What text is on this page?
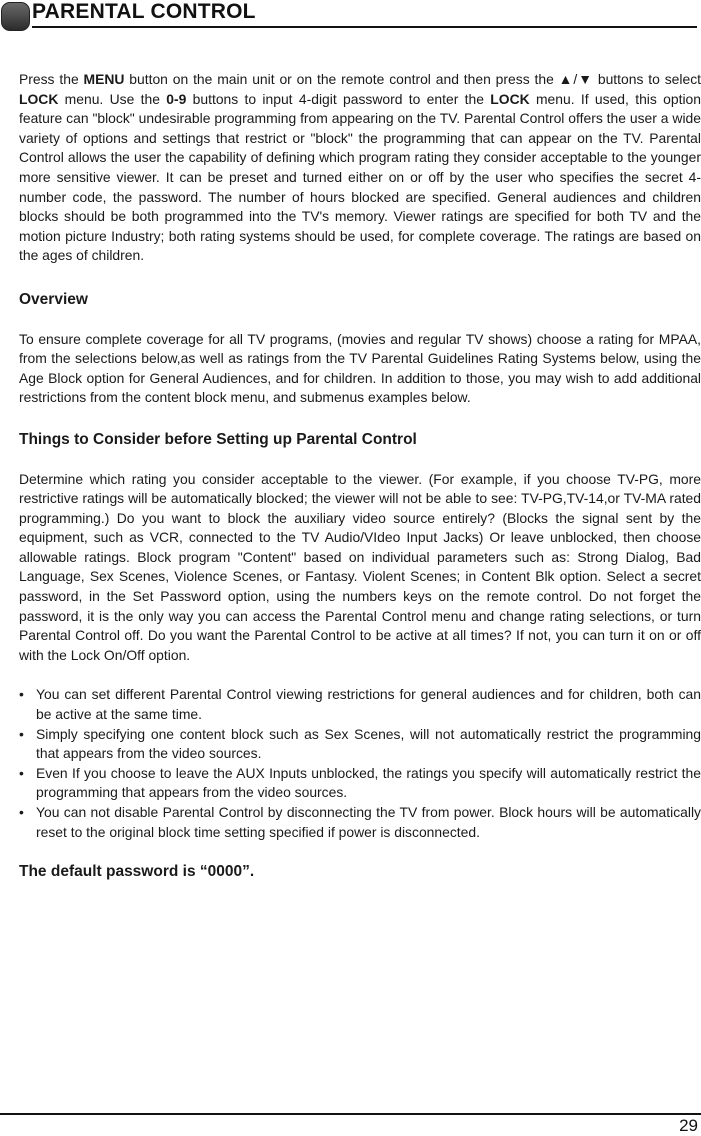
PARENTAL CONTROL

Press the MENU button on the main unit or on the remote control and then press the ▲/▼ buttons to select LOCK menu. Use the 0-9 buttons to input 4-digit password to enter the LOCK menu. If used, this option feature can "block" undesirable programming from appearing on the TV. Parental Control offers the user a wide variety of options and settings that restrict or "block" the programming that can appear on the TV. Parental Control allows the user the capability of defining which program rating they consider acceptable to the younger more sensitive viewer. It can be preset and turned either on or off by the user who specifies the secret 4-number code, the password. The number of hours blocked are specified. General audiences and children blocks should be both programmed into the TV's memory. Viewer ratings are specified for both TV and the motion picture Industry; both rating systems should be used, for complete coverage. The ratings are based on the ages of children.

Overview

To ensure complete coverage for all TV programs, (movies and regular TV shows) choose a rating for MPAA, from the selections below,as well as ratings from the TV Parental Guidelines Rating Systems below, using the Age Block option for General Audiences, and for children. In addition to those, you may wish to add additional restrictions from the content block menu, and submenus examples below.

Things to Consider before Setting up Parental Control

Determine which rating you consider acceptable to the viewer. (For example, if you choose TV-PG, more restrictive ratings will be automatically blocked; the viewer will not be able to see: TV-PG,TV-14,or TV-MA rated programming.) Do you want to block the auxiliary video source entirely? (Blocks the signal sent by the equipment, such as VCR, connected to the TV Audio/VIdeo Input Jacks) Or leave unblocked, then choose allowable ratings. Block program "Content" based on individual parameters such as: Strong Dialog, Bad Language, Sex Scenes, Violence Scenes, or Fantasy. Violent Scenes; in Content Blk option. Select a secret password, in the Set Password option, using the numbers keys on the remote control. Do not forget the password, it is the only way you can access the Parental Control menu and change rating selections, or turn Parental Control off. Do you want the Parental Control to be active at all times? If not, you can turn it on or off with the Lock On/Off option.

• You can set different Parental Control viewing restrictions for general audiences and for children, both can be active at the same time.
• Simply specifying one content block such as Sex Scenes, will not automatically restrict the programming that appears from the video sources.
• Even If you choose to leave the AUX Inputs unblocked, the ratings you specify will automatically restrict the programming that appears from the video sources.
• You can not disable Parental Control by disconnecting the TV from power. Block hours will be automatically reset to the original block time setting specified if power is disconnected.
The default password is “0000”.
29
